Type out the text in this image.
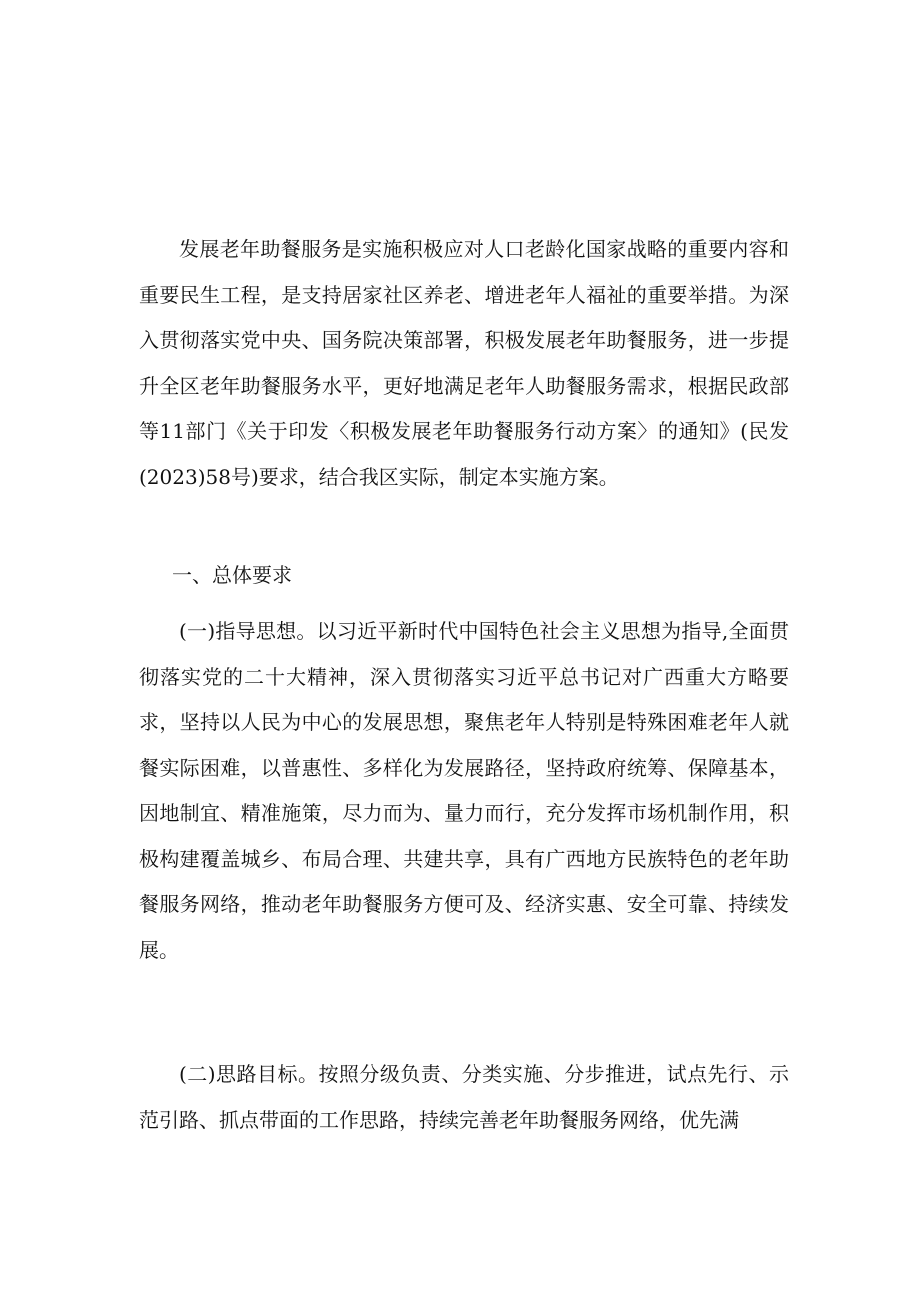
发展老年助餐服务是实施积极应对人口老龄化国家战略的重要内容和重要民生工程，是支持居家社区养老、增进老年人福祉的重要举措。为深入贯彻落实党中央、国务院决策部署，积极发展老年助餐服务，进一步提升全区老年助餐服务水平，更好地满足老年人助餐服务需求，根据民政部等11部门《关于印发〈积极发展老年助餐服务行动方案〉的通知》(民发(2023)58号)要求，结合我区实际，制定本实施方案。

一、总体要求

(一)指导思想。以习近平新时代中国特色社会主义思想为指导,全面贯彻落实党的二十大精神，深入贯彻落实习近平总书记对广西重大方略要求，坚持以人民为中心的发展思想，聚焦老年人特别是特殊困难老年人就餐实际困难，以普惠性、多样化为发展路径，坚持政府统筹、保障基本，因地制宜、精准施策，尽力而为、量力而行，充分发挥市场机制作用，积极构建覆盖城乡、布局合理、共建共享，具有广西地方民族特色的老年助餐服务网络，推动老年助餐服务方便可及、经济实惠、安全可靠、持续发展。

(二)思路目标。按照分级负责、分类实施、分步推进，试点先行、示范引路、抓点带面的工作思路，持续完善老年助餐服务网络，优先满
